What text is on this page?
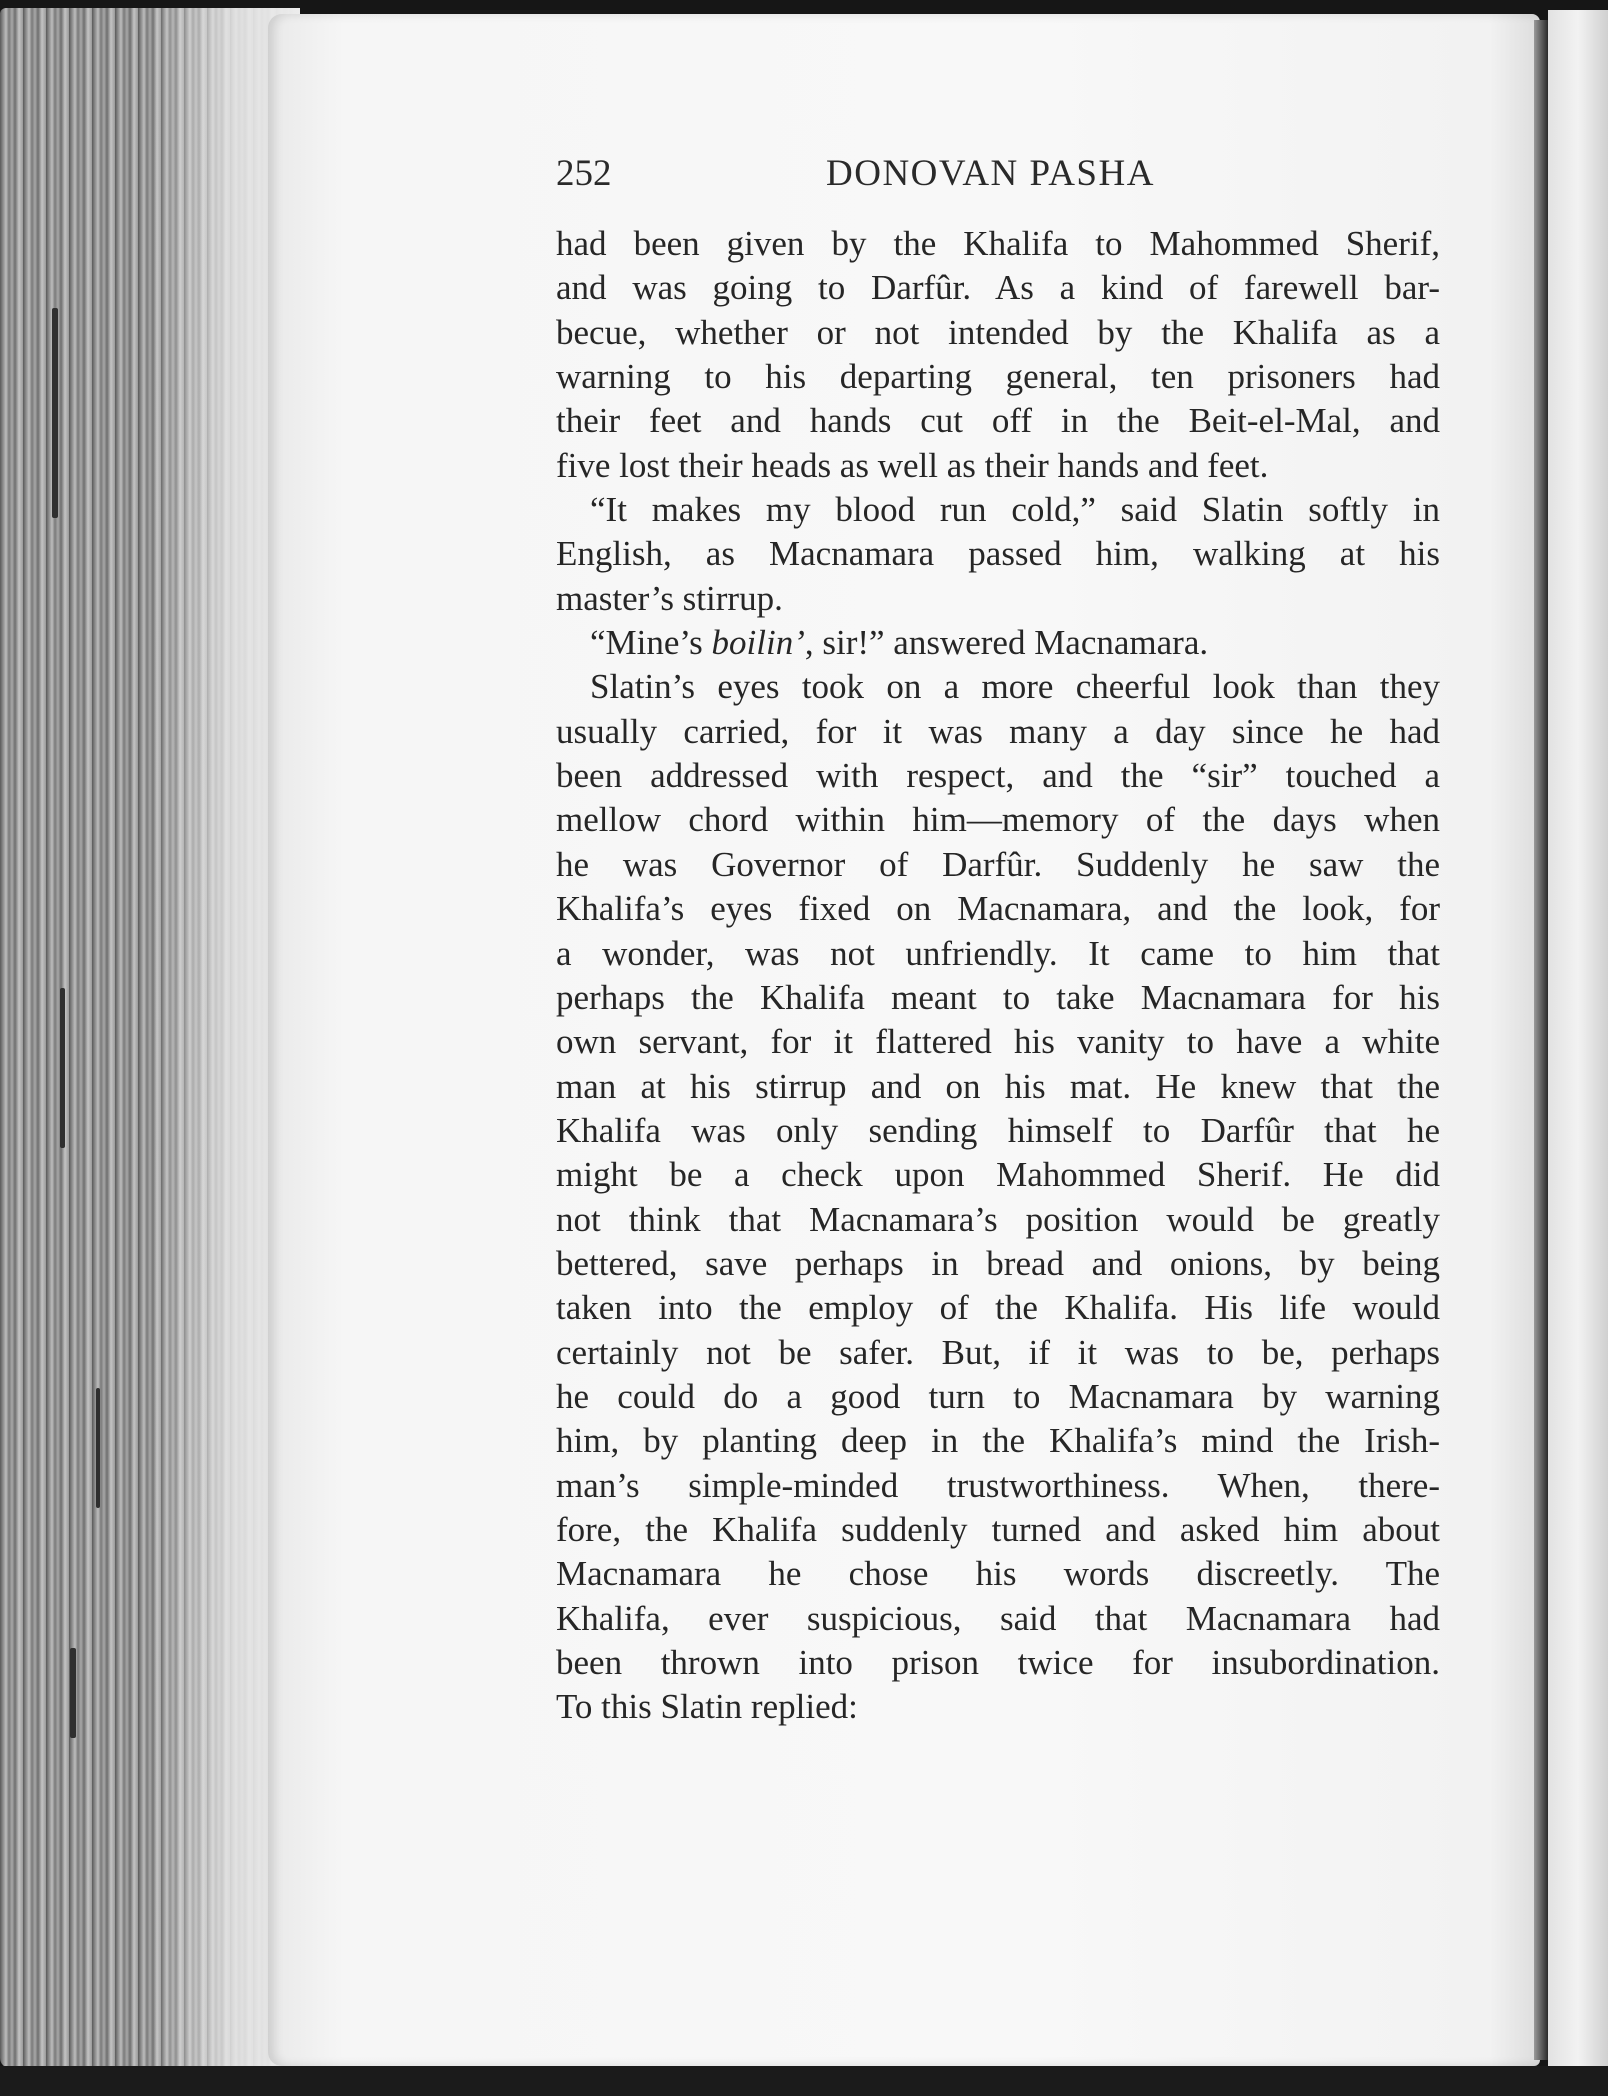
252	DONOVAN PASHA
had been given by the Khalifa to Mahommed Sherif,
and was going to Darfûr. As a kind of farewell bar-
becue, whether or not intended by the Khalifa as a
warning to his departing general, ten prisoners had
their feet and hands cut off in the Beit-el-Mal, and
five lost their heads as well as their hands and feet.
“It makes my blood run cold,” said Slatin softly in
English, as Macnamara passed him, walking at his
master’s stirrup.
“Mine’s boilin’, sir!” answered Macnamara.
Slatin’s eyes took on a more cheerful look than they
usually carried, for it was many a day since he had
been addressed with respect, and the “sir” touched a
mellow chord within him—memory of the days when
he was Governor of Darfûr. Suddenly he saw the
Khalifa’s eyes fixed on Macnamara, and the look, for
a wonder, was not unfriendly. It came to him that
perhaps the Khalifa meant to take Macnamara for his
own servant, for it flattered his vanity to have a white
man at his stirrup and on his mat. He knew that the
Khalifa was only sending himself to Darfûr that he
might be a check upon Mahommed Sherif. He did
not think that Macnamara’s position would be greatly
bettered, save perhaps in bread and onions, by being
taken into the employ of the Khalifa. His life would
certainly not be safer. But, if it was to be, perhaps
he could do a good turn to Macnamara by warning
him, by planting deep in the Khalifa’s mind the Irish-
man’s simple-minded trustworthiness. When, there-
fore, the Khalifa suddenly turned and asked him about
Macnamara he chose his words discreetly. The
Khalifa, ever suspicious, said that Macnamara had
been thrown into prison twice for insubordination.
To this Slatin replied:
